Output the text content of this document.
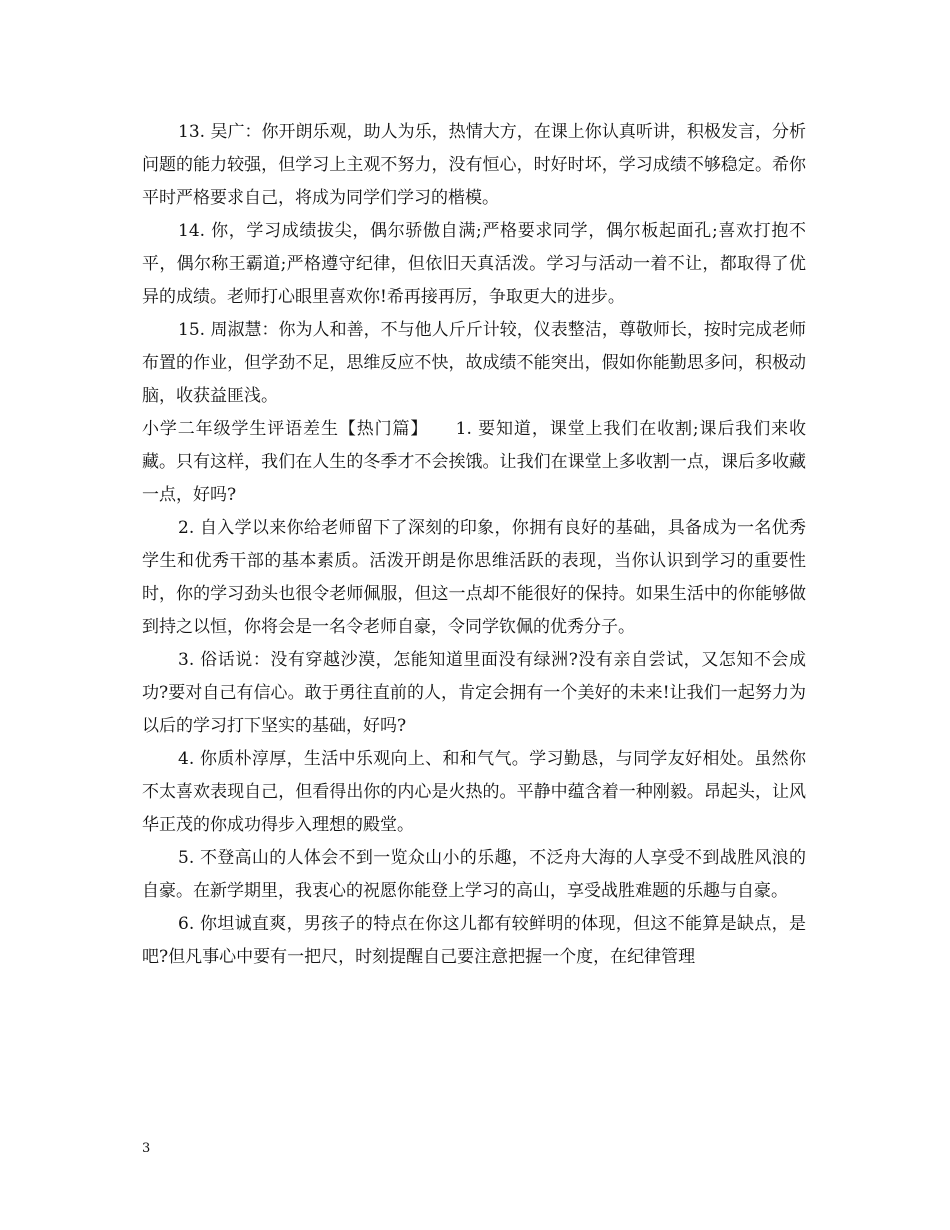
13. 吴广：你开朗乐观，助人为乐，热情大方，在课上你认真听讲，积极发言，分析问题的能力较强，但学习上主观不努力，没有恒心，时好时坏，学习成绩不够稳定。希你平时严格要求自己，将成为同学们学习的楷模。

14. 你，学习成绩拔尖，偶尔骄傲自满;严格要求同学，偶尔板起面孔;喜欢打抱不平，偶尔称王霸道;严格遵守纪律，但依旧天真活泼。学习与活动一着不让，都取得了优异的成绩。老师打心眼里喜欢你!希再接再厉，争取更大的进步。

15. 周淑慧：你为人和善，不与他人斤斤计较，仪表整洁，尊敬师长，按时完成老师布置的作业，但学劲不足，思维反应不快，故成绩不能突出，假如你能勤思多问，积极动脑，收获益匪浅。

小学二年级学生评语差生【热门篇】　　1. 要知道，课堂上我们在收割;课后我们来收藏。只有这样，我们在人生的冬季才不会挨饿。让我们在课堂上多收割一点，课后多收藏一点，好吗?

2. 自入学以来你给老师留下了深刻的印象，你拥有良好的基础，具备成为一名优秀学生和优秀干部的基本素质。活泼开朗是你思维活跃的表现，当你认识到学习的重要性时，你的学习劲头也很令老师佩服，但这一点却不能很好的保持。如果生活中的你能够做到持之以恒，你将会是一名令老师自豪，令同学钦佩的优秀分子。

3. 俗话说：没有穿越沙漠，怎能知道里面没有绿洲?没有亲自尝试，又怎知不会成功?要对自己有信心。敢于勇往直前的人，肯定会拥有一个美好的未来!让我们一起努力为以后的学习打下坚实的基础，好吗?

4. 你质朴淳厚，生活中乐观向上、和和气气。学习勤恳，与同学友好相处。虽然你不太喜欢表现自己，但看得出你的内心是火热的。平静中蕴含着一种刚毅。昂起头，让风华正茂的你成功得步入理想的殿堂。

5. 不登高山的人体会不到一览众山小的乐趣，不泛舟大海的人享受不到战胜风浪的自豪。在新学期里，我衷心的祝愿你能登上学习的高山，享受战胜难题的乐趣与自豪。

6. 你坦诚直爽，男孩子的特点在你这儿都有较鲜明的体现，但这不能算是缺点，是吧?但凡事心中要有一把尺，时刻提醒自己要注意把握一个度，在纪律管理

3
